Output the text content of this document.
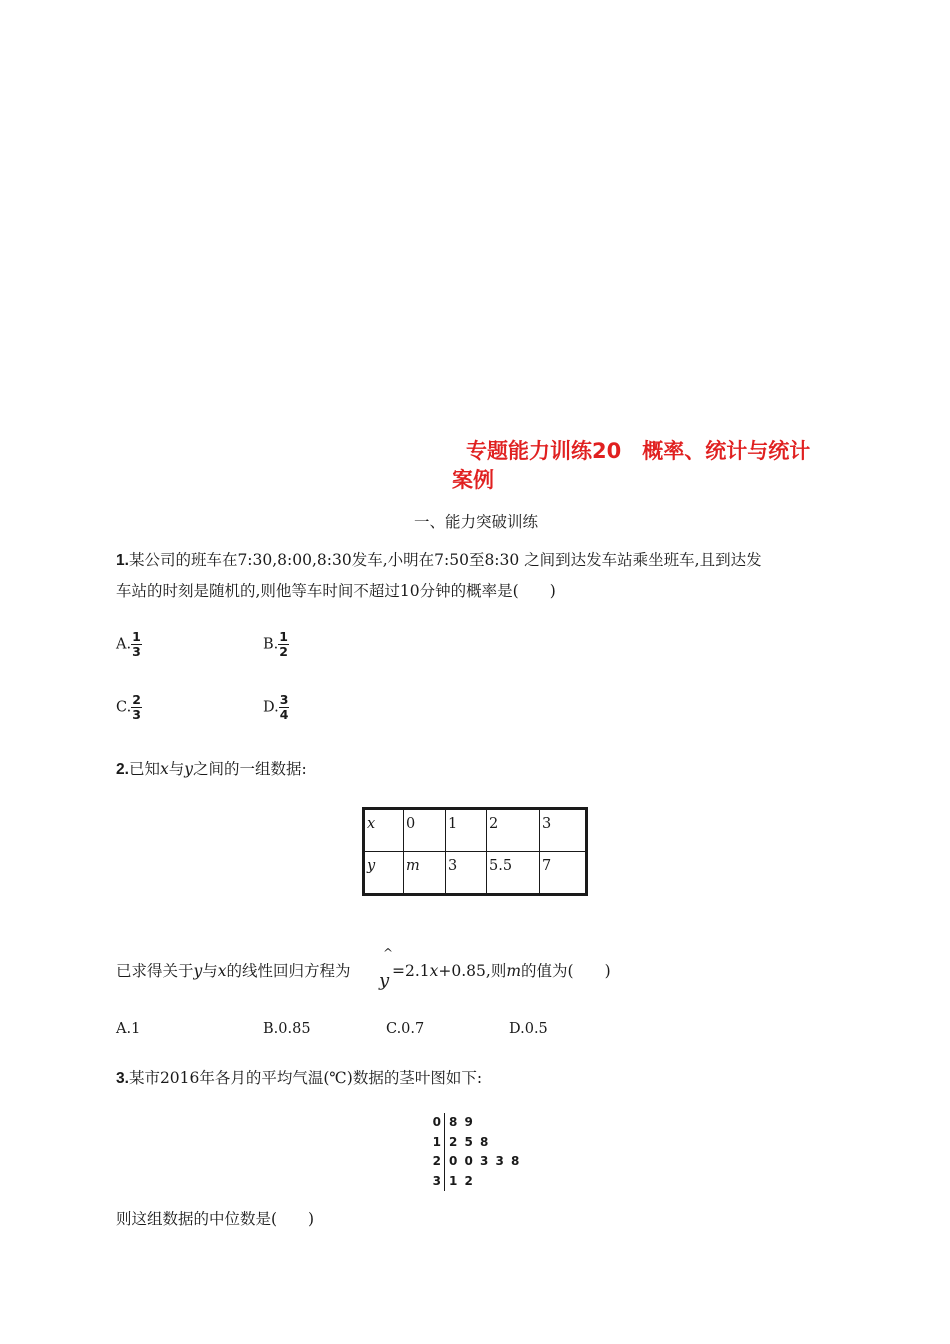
专题能力训练20　概率、统计与统计
案例
一、能力突破训练
1.某公司的班车在7:30,8:00,8:30发车,小明在7:50至8:30 之间到达发车站乘坐班车,且到达发
车站的时刻是随机的,则他等车时间不超过10分钟的概率是(　　)
A. $\frac{1}{3}$	B. $\frac{1}{2}$
C. $\frac{2}{3}$	D. $\frac{3}{4}$
2.已知x与y之间的一组数据:
x	0	1	2	3
y	m	3	5.5	7
已求得关于y与x的线性回归方程为
^
y =2.1x+0.85,则m的值为(　　)
A.1	B.0.85	C.0.7	D.0.5
3.某市2016年各月的平均气温(℃)数据的茎叶图如下:
0 8 9
1 2 5 8
2 0 0 3 3 8
3 1 2
则这组数据的中位数是(　　)
